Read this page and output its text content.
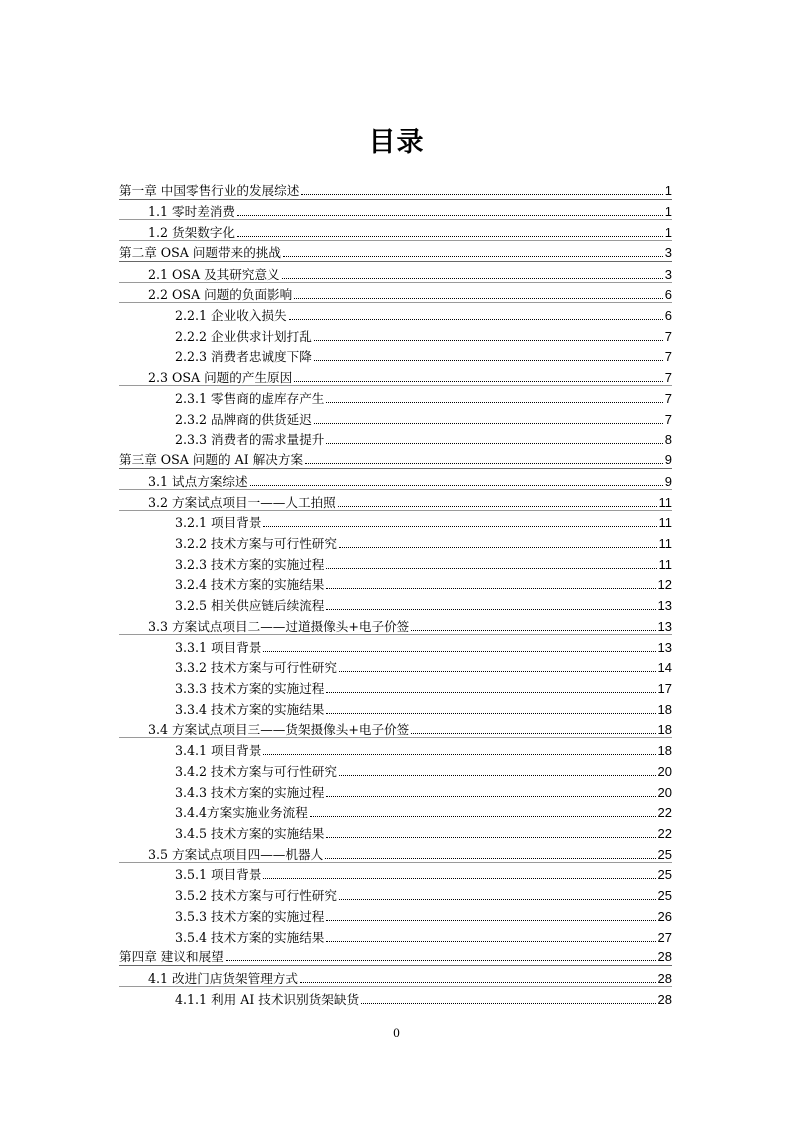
目录
第一章 中国零售行业的发展综述	1
1.1 零时差消费	1
1.2 货架数字化	1
第二章 OSA 问题带来的挑战	3
2.1 OSA 及其研究意义	3
2.2 OSA 问题的负面影响	6
2.2.1 企业收入损失	6
2.2.2 企业供求计划打乱	7
2.2.3 消费者忠诚度下降	7
2.3 OSA 问题的产生原因	7
2.3.1 零售商的虚库存产生	7
2.3.2 品牌商的供货延迟	7
2.3.3 消费者的需求量提升	8
第三章 OSA 问题的 AI 解决方案	9
3.1 试点方案综述	9
3.2 方案试点项目一——人工拍照	11
3.2.1 项目背景	11
3.2.2 技术方案与可行性研究	11
3.2.3 技术方案的实施过程	11
3.2.4 技术方案的实施结果	12
3.2.5 相关供应链后续流程	13
3.3 方案试点项目二——过道摄像头+电子价签	13
3.3.1 项目背景	13
3.3.2 技术方案与可行性研究	14
3.3.3 技术方案的实施过程	17
3.3.4 技术方案的实施结果	18
3.4 方案试点项目三——货架摄像头+电子价签	18
3.4.1 项目背景	18
3.4.2 技术方案与可行性研究	20
3.4.3 技术方案的实施过程	20
3.4.4方案实施业务流程	22
3.4.5 技术方案的实施结果	22
3.5 方案试点项目四——机器人	25
3.5.1 项目背景	25
3.5.2 技术方案与可行性研究	25
3.5.3 技术方案的实施过程	26
3.5.4 技术方案的实施结果	27
第四章 建议和展望	28
4.1 改进门店货架管理方式	28
4.1.1 利用 AI 技术识别货架缺货	28
0
